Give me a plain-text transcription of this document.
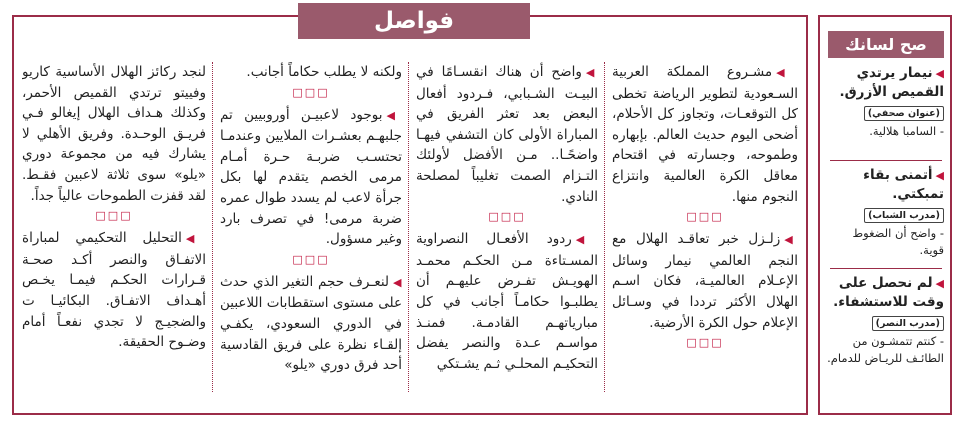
فواصل

◀مشـروع المملكة العربية السـعودية لتطوير الرياضة تخطى كل التوقعـات، وتجاوز كل الأحلام، أضحى اليوم حديث العالم. بإبهاره وطموحه، وجسارته في اقتحام معاقل الكرة العالمية وانتزاع النجوم منها.

□□□

◀زلـزل خبر تعاقـد الهلال مع النجم العالمي نيمار وسائل الإعـلام العالميـة، فكان اسـم الهلال الأكثر ترددا في وسـائل الإعلام حول الكرة الأرضية.

□□□

◀واضح أن هناك انقسـامًا في البيـت الشـبابي، فـردود أفعال البعض بعد تعثر الفريق في المباراة الأولى كان التشفي فيهـا واضحًـا.. مـن الأفضل لأولئك التـزام الصمت تغليباً لمصلحة النادي.

□□□

◀ردود الأفعـال النصراوية المسـتاءة مـن الحكـم محمـد الهويـش تفـرض عليهـم أن يطلبـوا حكامـاً أجانب في كل مبارياتهـم القادمـة. فمنـذ مواسـم عـدة والنصر يفضل التحكيـم المحلـي ثـم يشـتكي

ولكنه لا يطلب حكاماً أجانب.

□□□

◀بوجود لاعبيـن أوروبيين تم جلبهـم بعشـرات الملايين وعندمـا تحتسـب ضربـة حـرة أمـام مرمى الخصم يتقدم لها بكل جرأة لاعب لم يسدد طوال عمره ضربة مرمى! في تصرف بارد وغير مسؤول.

□□□

◀لنعـرف حجم التغير الذي حدث على مستوى استقطابات اللاعبين في الدوري السعودي، يكفـي إلقـاء نظرة على فريق القادسية أحد فرق دوري «يلو»

لنجد ركائز الهلال الأساسية كاريو وفييتو ترتدي القميص الأحمر، وكذلك هـداف الهلال إيغالو فـي فريـق الوحـدة. وفريق الأهلي لا يشارك فيه من مجموعة دوري «يلو» سوى ثلاثة لاعبين فقـط. لقد قفزت الطموحات عالياً جداً.

□□□

◀التحليل التحكيمي لمباراة الاتفـاق والنصر أكـد صحـة قـرارات الحكـم فيمـا يخـص أهـداف الاتفـاق. البكائيـا ت والضجيـج لا تجدي نفعـاً أمام وضـوح الحقيقة.

صح لسانك
◀نيمار يرتدي القميص الأزرق.
(عنوان صحفي)
- السامبا هلالية.
◀أتمنى بقاء تمبكتي.
(مدرب الشباب)
- واضح أن الضغوط قوية.
◀لم نحصل على وقت للاستشفاء.
(مدرب النصر)
- كنتم تتمشـون من الطائـف للريـاض للدمام.
